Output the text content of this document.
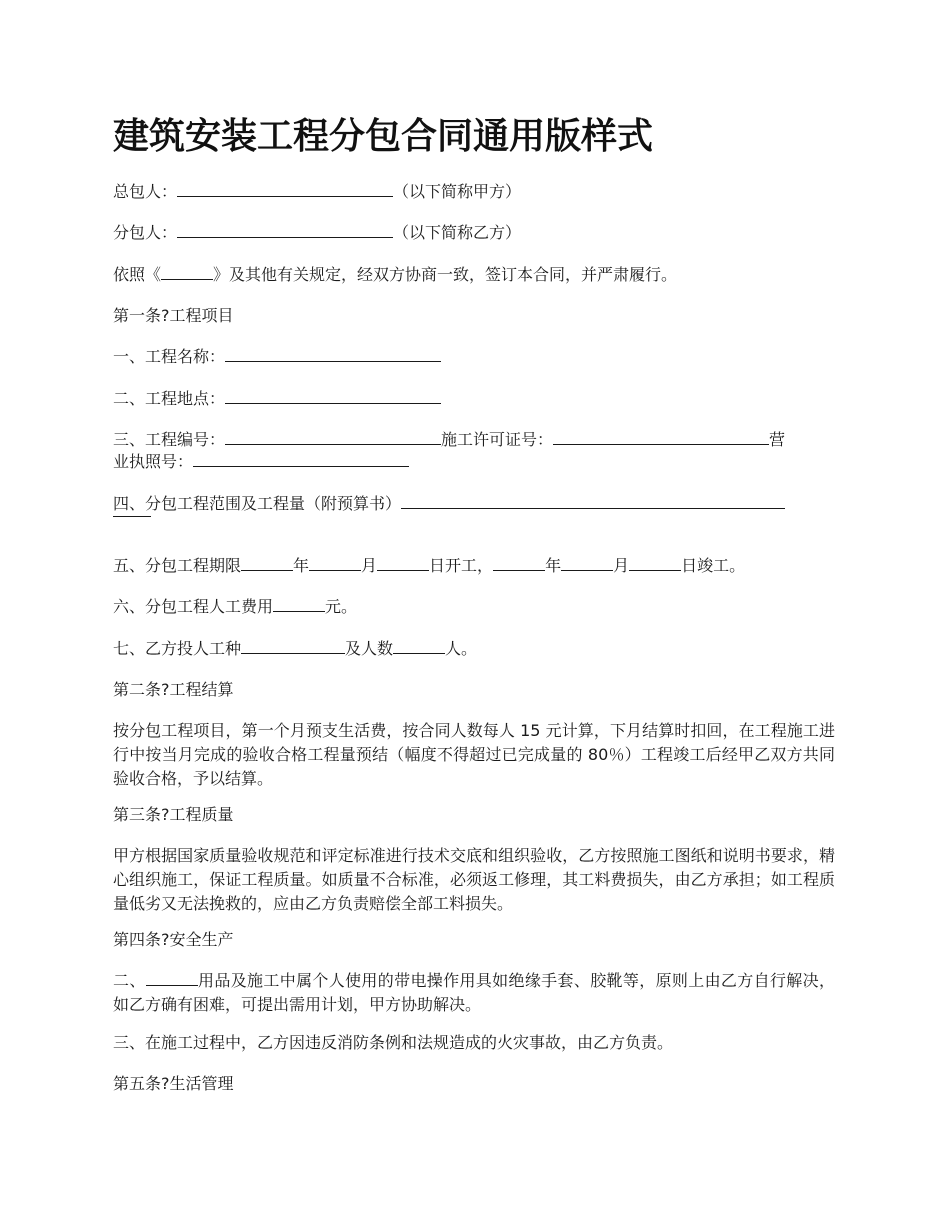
建筑安装工程分包合同通用版样式
总包人：	（以下简称甲方）
分包人：	（以下简称乙方）
依照《	》及其他有关规定，经双方协商一致，签订本合同，并严肃履行。
第一条?工程项目
一、工程名称：
二、工程地点：
三、工程编号：	施工许可证号：	营
业执照号：
四、分包工程范围及工程量（附预算书）
五、分包工程期限	年	月	日开工，	年	月	日竣工。
六、分包工程人工费用	元。
七、乙方投人工种	及人数	人。
第二条?工程结算
按分包工程项目，第一个月预支生活费，按合同人数每人 15 元计算，下月结算时扣回，在工程施工进行中按当月完成的验收合格工程量预结（幅度不得超过已完成量的 80％）工程竣工后经甲乙双方共同验收合格，予以结算。
第三条?工程质量
甲方根据国家质量验收规范和评定标准进行技术交底和组织验收，乙方按照施工图纸和说明书要求，精心组织施工，保证工程质量。如质量不合标准，必须返工修理，其工料费损失，由乙方承担；如工程质量低劣又无法挽救的，应由乙方负责赔偿全部工料损失。
第四条?安全生产
二、	用品及施工中属个人使用的带电操作用具如绝缘手套、胶靴等，原则上由乙方自行解决，如乙方确有困难，可提出需用计划，甲方协助解决。
三、在施工过程中，乙方因违反消防条例和法规造成的火灾事故，由乙方负责。
第五条?生活管理
